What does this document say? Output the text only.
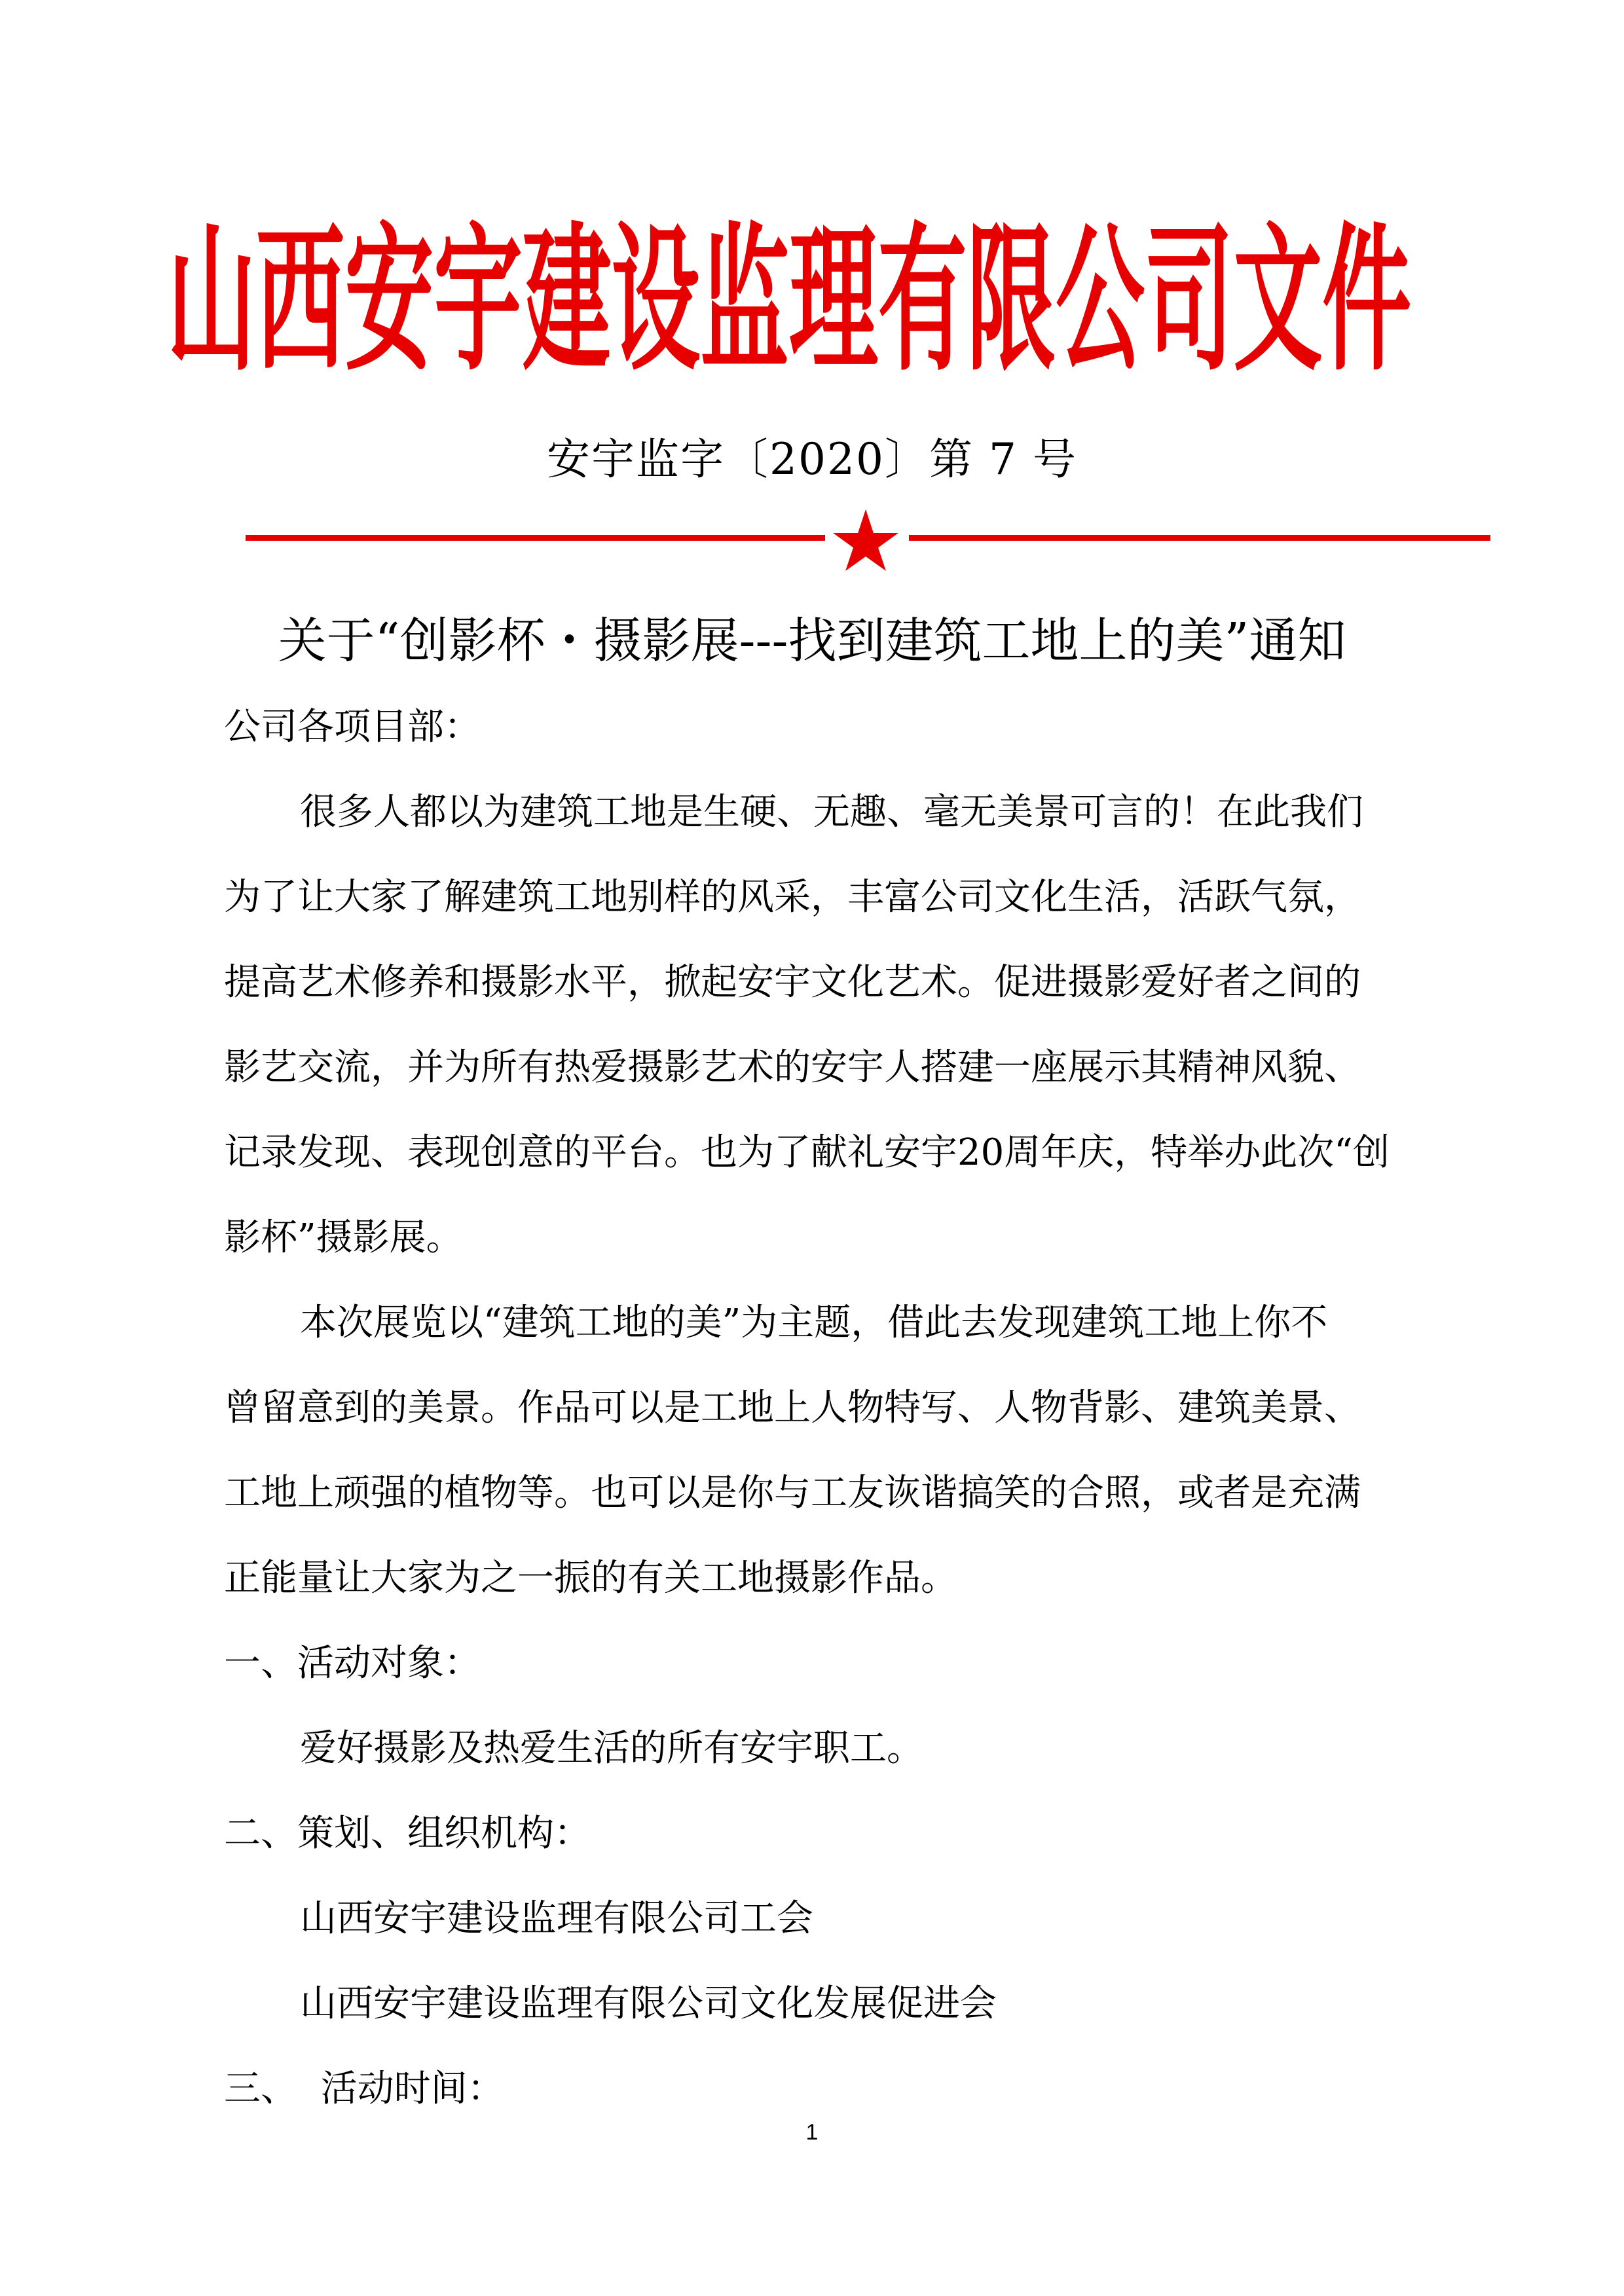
山西安宇建设监理有限公司文件
安宇监字〔2020〕第 7 号
关于“创影杯・摄影展---找到建筑工地上的美”通知
公司各项目部：
很多人都以为建筑工地是生硬、无趣、毫无美景可言的！在此我们
为了让大家了解建筑工地别样的风采，丰富公司文化生活，活跃气氛，
提高艺术修养和摄影水平，掀起安宇文化艺术。促进摄影爱好者之间的
影艺交流，并为所有热爱摄影艺术的安宇人搭建一座展示其精神风貌、
记录发现、表现创意的平台。也为了献礼安宇20周年庆，特举办此次“创
影杯”摄影展。
本次展览以“建筑工地的美”为主题，借此去发现建筑工地上你不
曾留意到的美景。作品可以是工地上人物特写、人物背影、建筑美景、
工地上顽强的植物等。也可以是你与工友诙谐搞笑的合照，或者是充满
正能量让大家为之一振的有关工地摄影作品。
一、活动对象：
爱好摄影及热爱生活的所有安宇职工。
二、策划、组织机构：
山西安宇建设监理有限公司工会
山西安宇建设监理有限公司文化发展促进会
三、  活动时间：
1
